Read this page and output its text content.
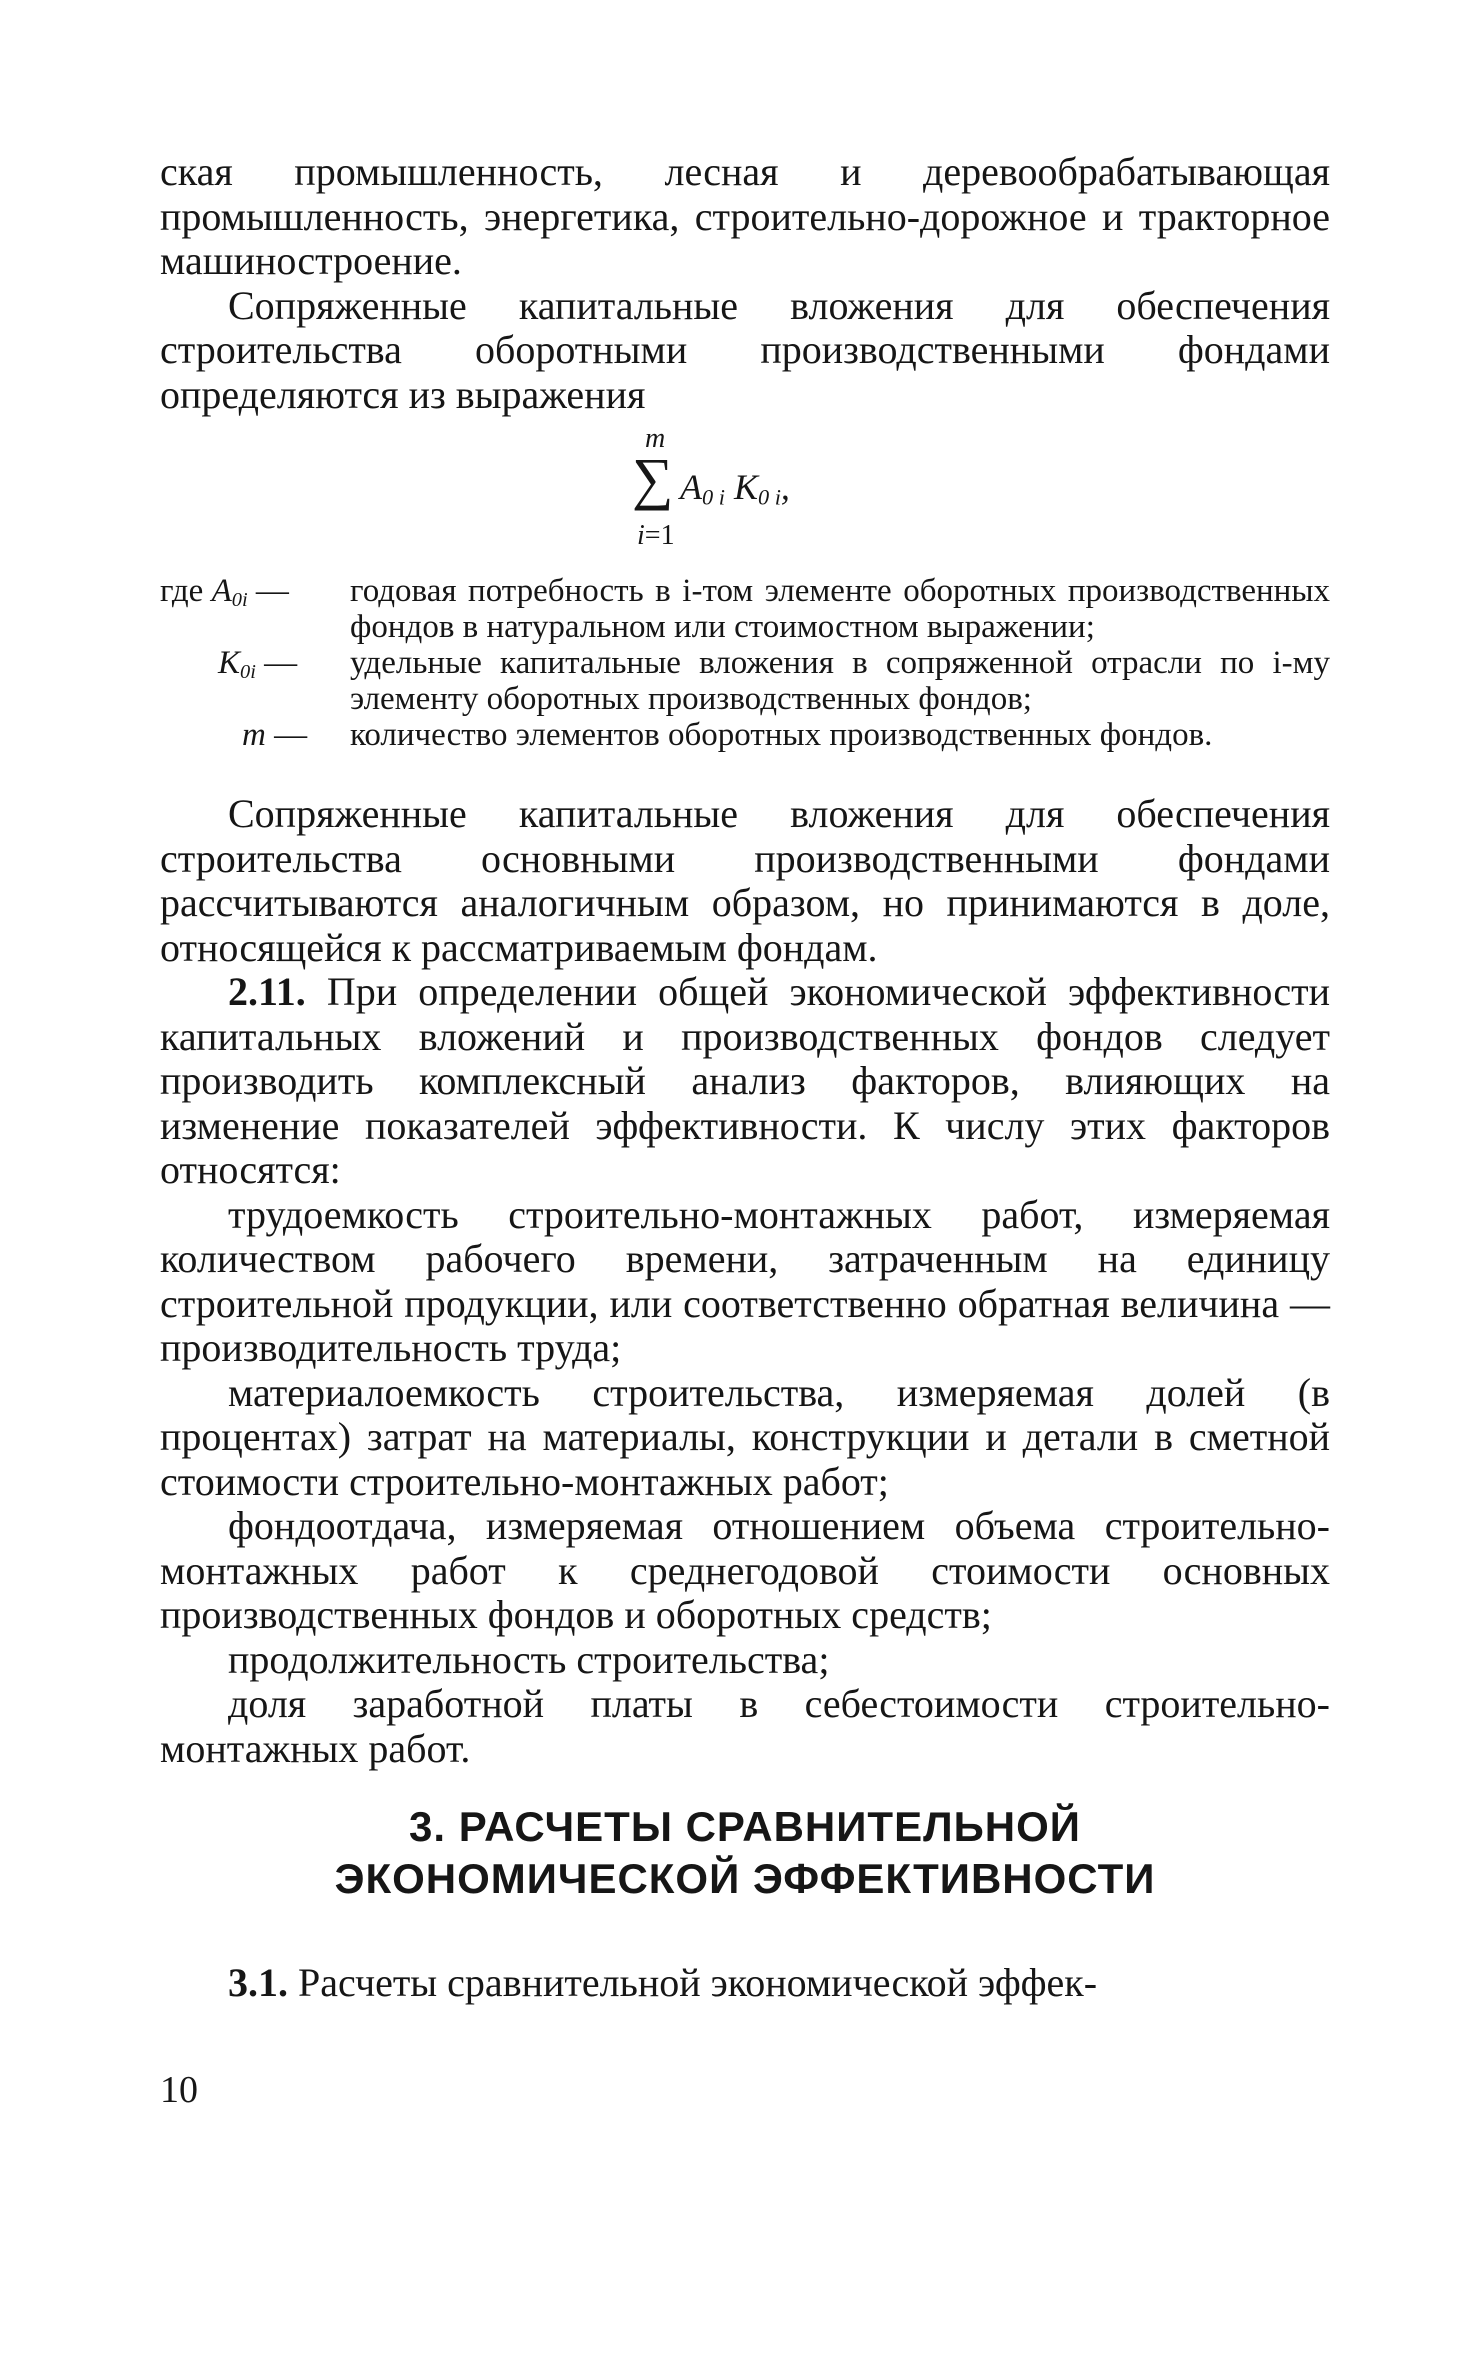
ская промышленность, лесная и деревообрабатывающая промышленность, энергетика, строительно-дорожное и тракторное машиностроение.

Сопряженные капитальные вложения для обеспечения строительства оборотными производственными фондами определяются из выражения

m
∑ $A_{0 i}$ $K_{0 i}$,
i=1
где $A_{0i}$ —	годовая потребность в i-том элементе оборотных производственных фондов в натуральном или стоимостном выражении;
$K_{0i}$ —	удельные капитальные вложения в сопряженной отрасли по i-му элементу оборотных производственных фондов;
m —	количество элементов оборотных производственных фондов.

Сопряженные капитальные вложения для обеспечения строительства основными производственными фондами рассчитываются аналогичным образом, но принимаются в доле, относящейся к рассматриваемым фондам.

2.11. При определении общей экономической эффективности капитальных вложений и производственных фондов следует производить комплексный анализ факторов, влияющих на изменение показателей эффективности. К числу этих факторов относятся:

трудоемкость строительно-монтажных работ, измеряемая количеством рабочего времени, затраченным на единицу строительной продукции, или соответственно обратная величина — производительность труда;

материалоемкость строительства, измеряемая долей (в процентах) затрат на материалы, конструкции и детали в сметной стоимости строительно-монтажных работ;

фондоотдача, измеряемая отношением объема строительно-монтажных работ к среднегодовой стоимости основных производственных фондов и оборотных средств;

продолжительность строительства;

доля заработной платы в себестоимости строительно-монтажных работ.

3. РАСЧЕТЫ СРАВНИТЕЛЬНОЙ
ЭКОНОМИЧЕСКОЙ ЭФФЕКТИВНОСТИ

3.1. Расчеты сравнительной экономической эффек-

10
